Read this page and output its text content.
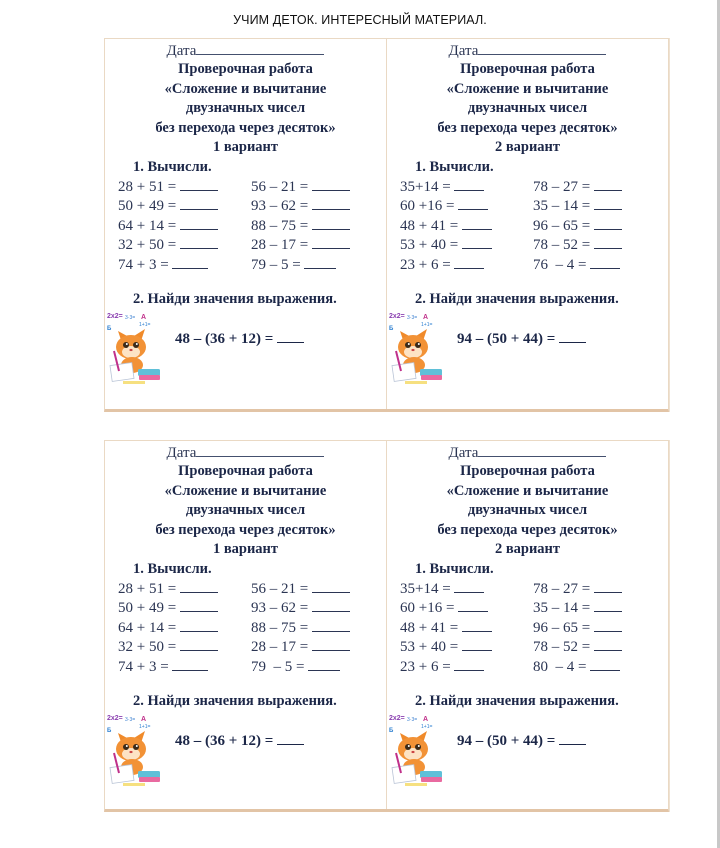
УЧИМ ДЕТОК. ИНТЕРЕСНЫЙ МАТЕРИАЛ.
Дата
Проверочная работа
«Сложение и вычитание
двузначных чисел
без перехода через десяток»
1 вариант
1. Вычисли.
28 + 51 =	56 – 21 =
50 + 49 =	93 – 62 =
64 + 14 =	88 – 75 =
32 + 50 =	28 – 17 =
74 + 3 =	79 – 5 =
2. Найди значения выражения.
2x2= 3·3= A
Б
1+1=
48 – (36 + 12) =
Дата
Проверочная работа
«Сложение и вычитание
двузначных чисел
без перехода через десяток»
2 вариант
1. Вычисли.
35+14 =	78 – 27 =
60 +16 =	35 – 14 =
48 + 41 =	96 – 65 =
53 + 40 =	78 – 52 =
23 + 6 =	76  – 4 =
2. Найди значения выражения.
2x2= 3·3= A
Б
1+1=
94 – (50 + 44) =
Дата
Проверочная работа
«Сложение и вычитание
двузначных чисел
без перехода через десяток»
1 вариант
1. Вычисли.
28 + 51 =	56 – 21 =
50 + 49 =	93 – 62 =
64 + 14 =	88 – 75 =
32 + 50 =	28 – 17 =
74 + 3 =	79  – 5 =
2. Найди значения выражения.
2x2= 3·3= A
Б
1+1=
48 – (36 + 12) =
Дата
Проверочная работа
«Сложение и вычитание
двузначных чисел
без перехода через десяток»
2 вариант
1. Вычисли.
35+14 =	78 – 27 =
60 +16 =	35 – 14 =
48 + 41 =	96 – 65 =
53 + 40 =	78 – 52 =
23 + 6 =	80  – 4 =
2. Найди значения выражения.
2x2= 3·3= A
Б
1+1=
94 – (50 + 44) =
